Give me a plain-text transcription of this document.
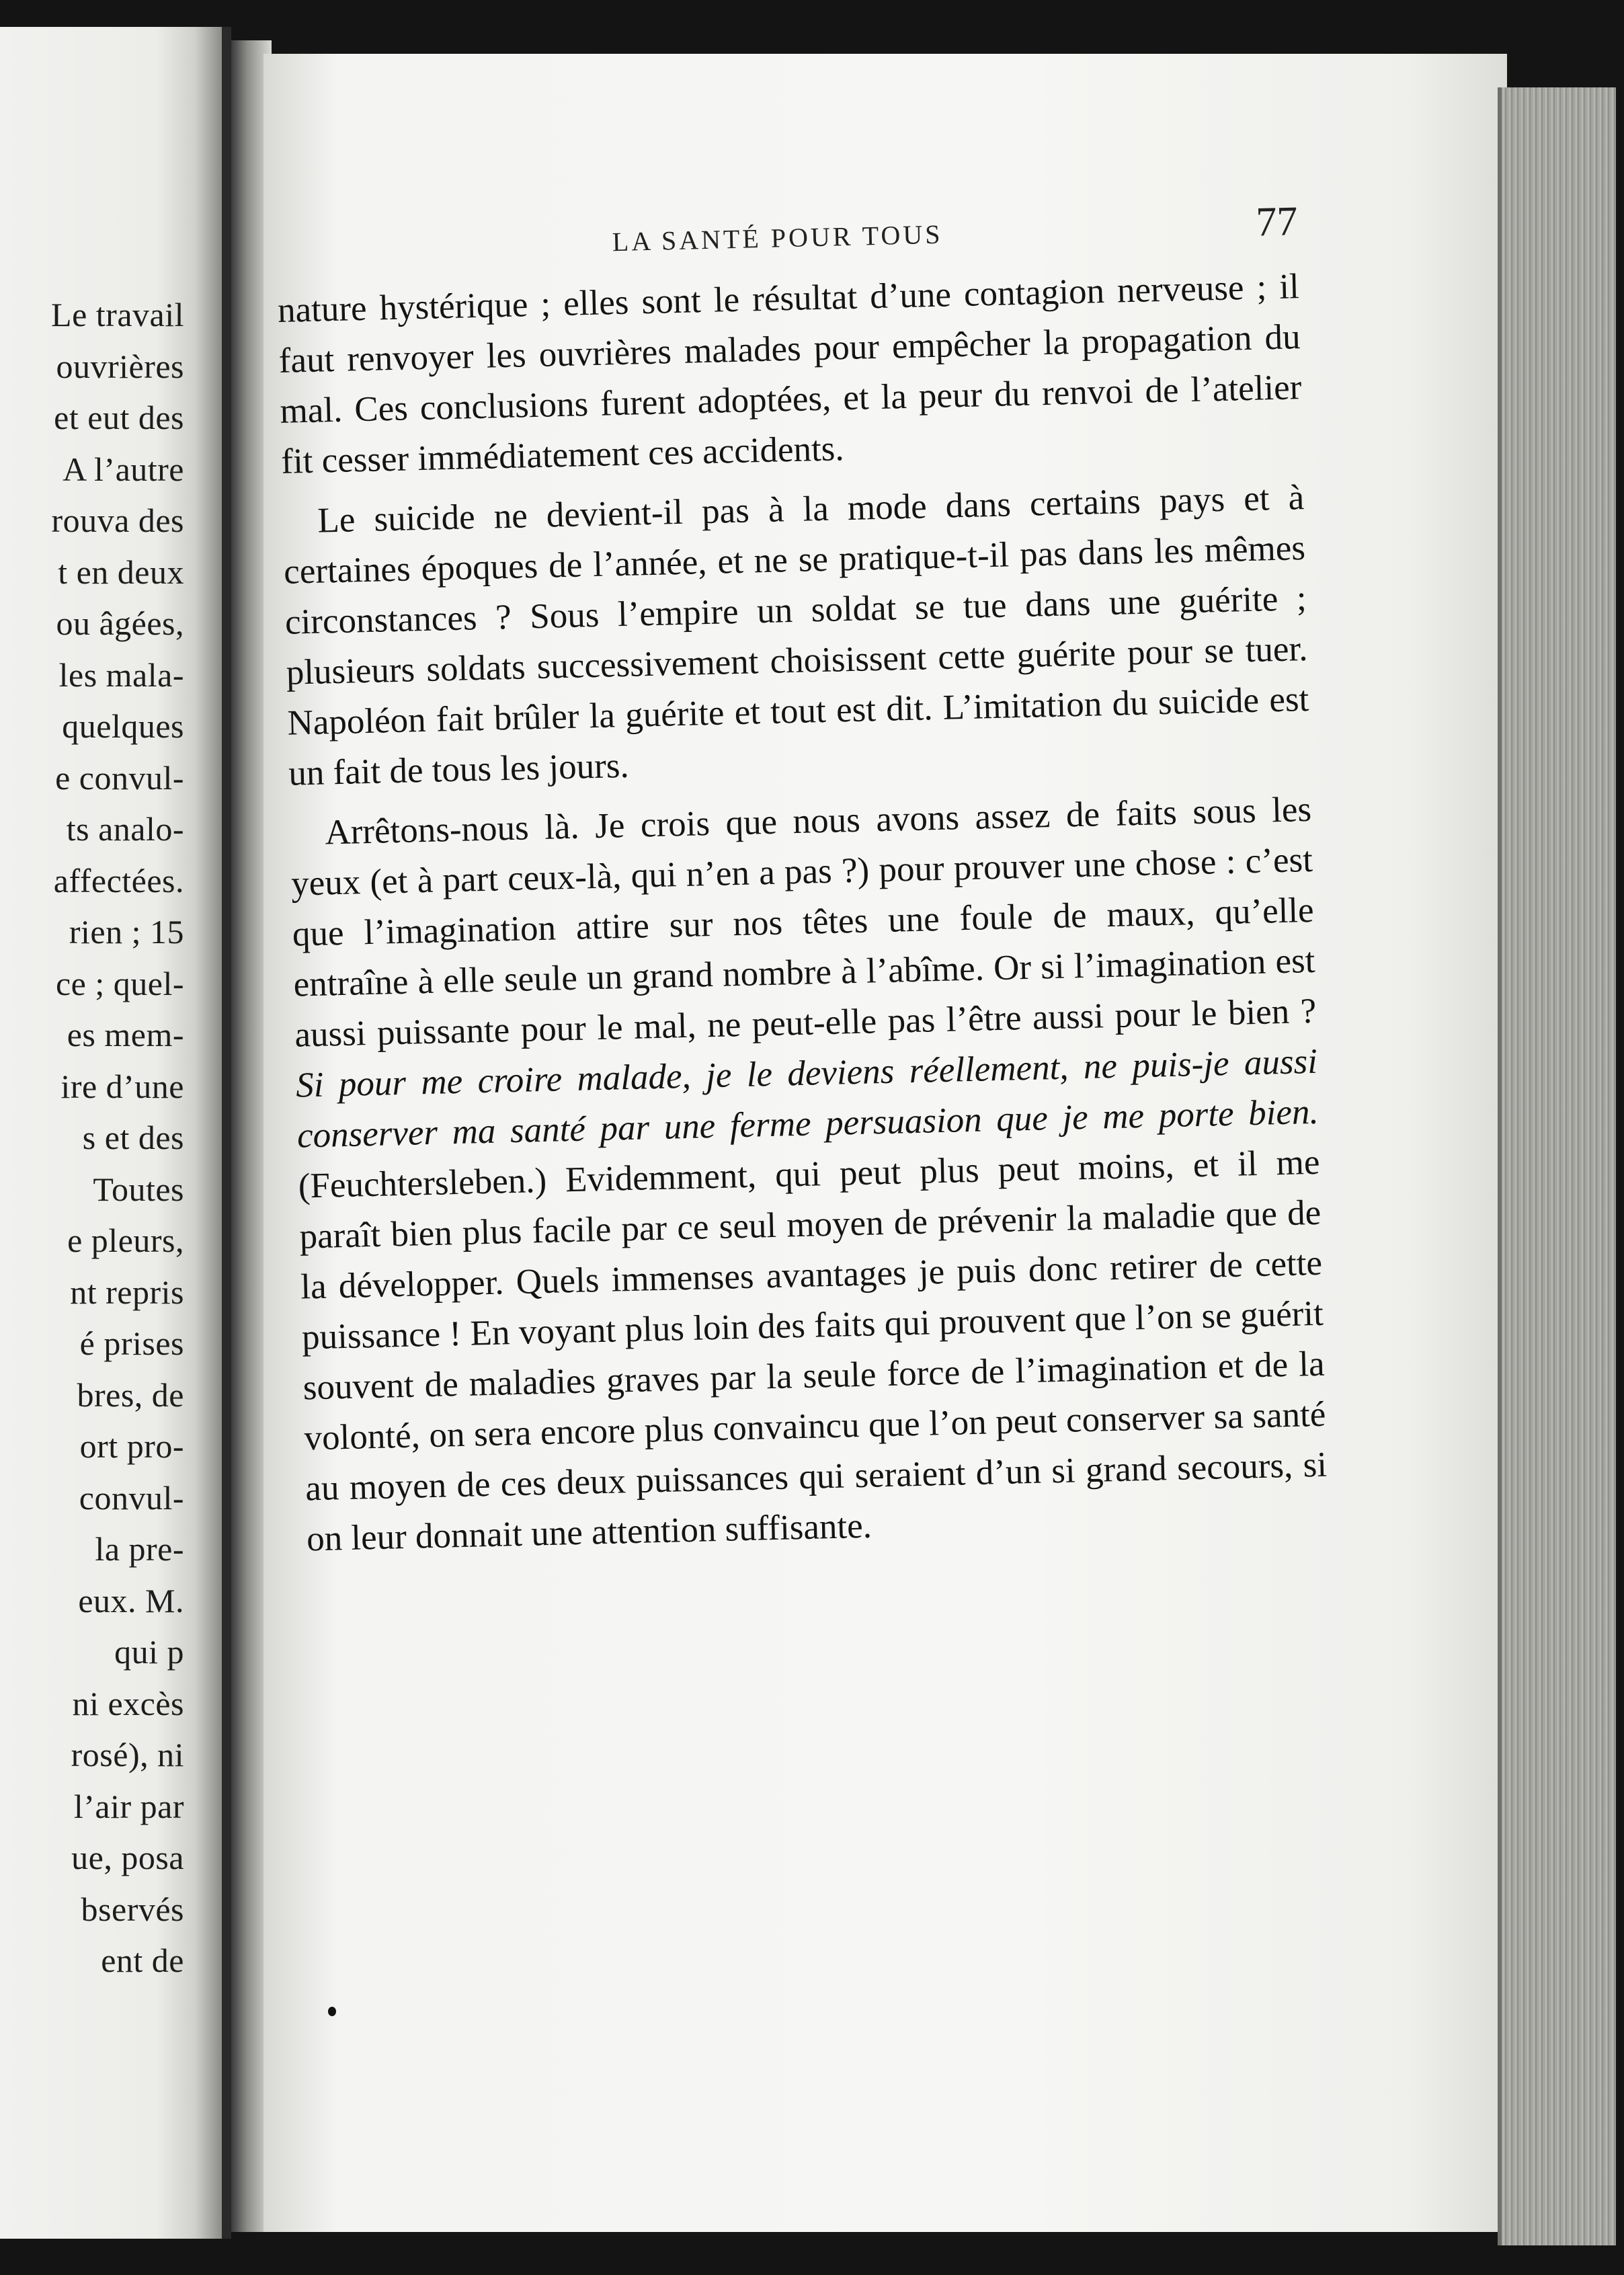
Le travail
ouvrières
et eut des
A l’autre
rouva des
t en deux
ou âgées,
les mala-
quelques
e convul-
ts analo-
affectées.
rien ; 15
ce ; quel-
es mem-
ire d’une
s et des
Toutes
e pleurs,
nt repris
é prises
bres, de
ort pro-
convul-
la pre-
eux. M.
qui p
ni excès
rosé), ni
l’air par
ue, posa
bservés
ent de
LA SANTÉ POUR TOUS	77

nature hystérique ; elles sont le résultat d’une contagion nerveuse ; il faut renvoyer les ouvrières malades pour empêcher la propagation du mal. Ces conclusions furent adoptées, et la peur du renvoi de l’atelier fit cesser immédiatement ces accidents.

Le suicide ne devient-il pas à la mode dans certains pays et à certaines époques de l’année, et ne se pratique-t-il pas dans les mêmes circonstances ? Sous l’empire un soldat se tue dans une guérite ; plusieurs soldats successivement choisissent cette guérite pour se tuer. Napoléon fait brûler la guérite et tout est dit. L’imitation du suicide est un fait de tous les jours.

Arrêtons-nous là. Je crois que nous avons assez de faits sous les yeux (et à part ceux-là, qui n’en a pas ?) pour prouver une chose : c’est que l’imagination attire sur nos têtes une foule de maux, qu’elle entraîne à elle seule un grand nombre à l’abîme. Or si l’imagination est aussi puissante pour le mal, ne peut-elle pas l’être aussi pour le bien ? Si pour me croire malade, je le deviens réellement, ne puis-je aussi conserver ma santé par une ferme persuasion que je me porte bien. (Feuchtersleben.) Evidemment, qui peut plus peut moins, et il me paraît bien plus facile par ce seul moyen de prévenir la maladie que de la développer. Quels immenses avantages je puis donc retirer de cette puissance ! En voyant plus loin des faits qui prouvent que l’on se guérit souvent de maladies graves par la seule force de l’imagination et de la volonté, on sera encore plus convaincu que l’on peut conserver sa santé au moyen de ces deux puissances qui seraient d’un si grand secours, si on leur donnait une attention suffisante.
